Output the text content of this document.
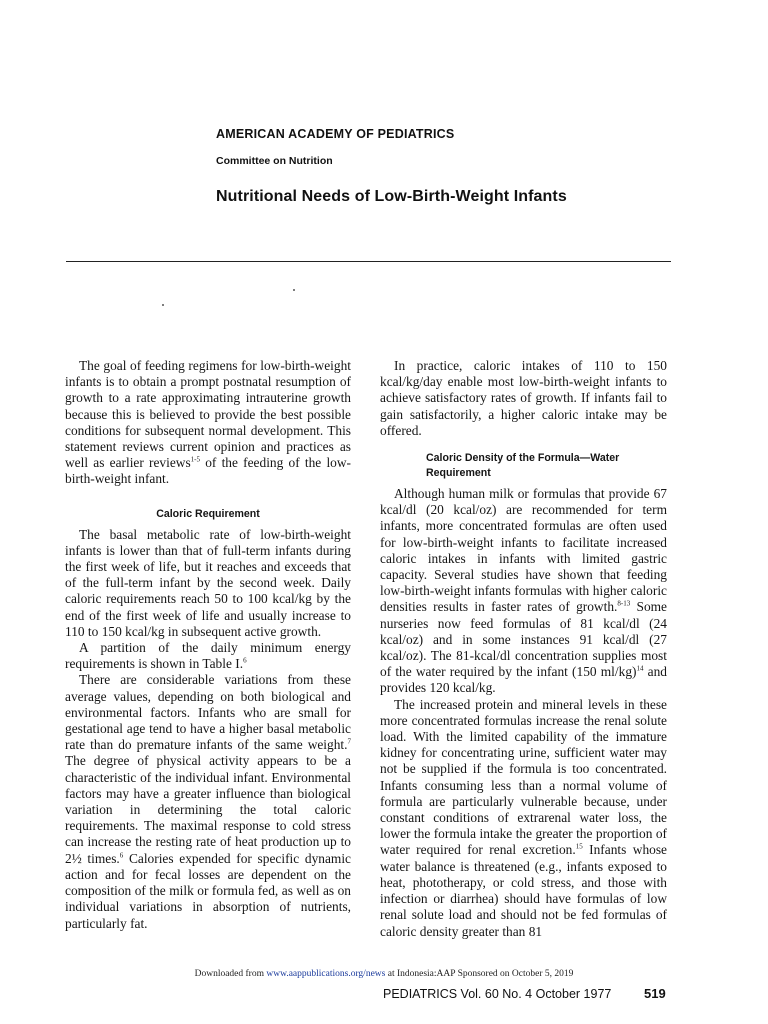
AMERICAN ACADEMY OF PEDIATRICS
Committee on Nutrition
Nutritional Needs of Low-Birth-Weight Infants

The goal of feeding regimens for low-birth-weight infants is to obtain a prompt postnatal resumption of growth to a rate approximating intrauterine growth because this is believed to provide the best possible conditions for subsequent normal development. This statement reviews current opinion and practices as well as earlier reviews$^{1-5}$ of the feeding of the low-birth-weight infant.

Caloric Requirement

The basal metabolic rate of low-birth-weight infants is lower than that of full-term infants during the first week of life, but it reaches and exceeds that of the full-term infant by the second week. Daily caloric requirements reach 50 to 100 kcal/kg by the end of the first week of life and usually increase to 110 to 150 kcal/kg in subsequent active growth.

A partition of the daily minimum energy requirements is shown in Table I.$^6$

There are considerable variations from these average values, depending on both biological and environmental factors. Infants who are small for gestational age tend to have a higher basal metabolic rate than do premature infants of the same weight.$^7$ The degree of physical activity appears to be a characteristic of the individual infant. Environmental factors may have a greater influence than biological variation in determining the total caloric requirements. The maximal response to cold stress can increase the resting rate of heat production up to 2½ times.$^6$ Calories expended for specific dynamic action and for fecal losses are dependent on the composition of the milk or formula fed, as well as on individual variations in absorption of nutrients, particularly fat.

In practice, caloric intakes of 110 to 150 kcal/kg/day enable most low-birth-weight infants to achieve satisfactory rates of growth. If infants fail to gain satisfactorily, a higher caloric intake may be offered.

Caloric Density of the Formula—Water
Requirement

Although human milk or formulas that provide 67 kcal/dl (20 kcal/oz) are recommended for term infants, more concentrated formulas are often used for low-birth-weight infants to facilitate increased caloric intakes in infants with limited gastric capacity. Several studies have shown that feeding low-birth-weight infants formulas with higher caloric densities results in faster rates of growth.$^{8-13}$ Some nurseries now feed formulas of 81 kcal/dl (24 kcal/oz) and in some instances 91 kcal/dl (27 kcal/oz). The 81-kcal/dl concentration supplies most of the water required by the infant (150 ml/kg)$^{14}$ and provides 120 kcal/kg.

The increased protein and mineral levels in these more concentrated formulas increase the renal solute load. With the limited capability of the immature kidney for concentrating urine, sufficient water may not be supplied if the formula is too concentrated. Infants consuming less than a normal volume of formula are particularly vulnerable because, under constant conditions of extrarenal water loss, the lower the formula intake the greater the proportion of water required for renal excretion.$^{15}$ Infants whose water balance is threatened (e.g., infants exposed to heat, phototherapy, or cold stress, and those with infection or diarrhea) should have formulas of low renal solute load and should not be fed formulas of caloric density greater than 81

Downloaded from www.aappublications.org/news at Indonesia:AAP Sponsored on October 5, 2019
PEDIATRICS Vol. 60 No. 4 October 1977	519
